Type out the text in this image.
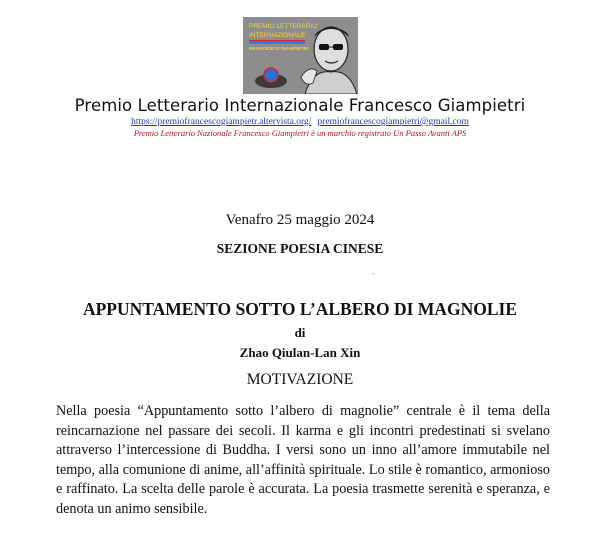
PREMIO LETTERARIO
INTERNAZIONALE
FRANCESCO GIAMPIETRI
Premio Letterario Internazionale Francesco Giampietri
https://premiofrancescogiampietr.altervista.org/ premiofrancescogiampietri@gmail.com
Premio Letterario Nazionale Francesco Giampietri è un marchio registrato Un Passo Avanti APS
Venafro 25 maggio 2024
SEZIONE POESIA CINESE
-
APPUNTAMENTO SOTTO L’ALBERO DI MAGNOLIE
di
Zhao Qiulan-Lan Xin
MOTIVAZIONE
Nella poesia “Appuntamento sotto l’albero di magnolie” centrale è il tema della
reincarnazione nel passare dei secoli. Il karma e gli incontri predestinati si svelano
attraverso l’intercessione di Buddha. I versi sono un inno all’amore immutabile nel
tempo, alla comunione di anime, all’affinità spirituale. Lo stile è romantico, armonioso
e raffinato. La scelta delle parole è accurata. La poesia trasmette serenità e speranza, e
denota un animo sensibile.
